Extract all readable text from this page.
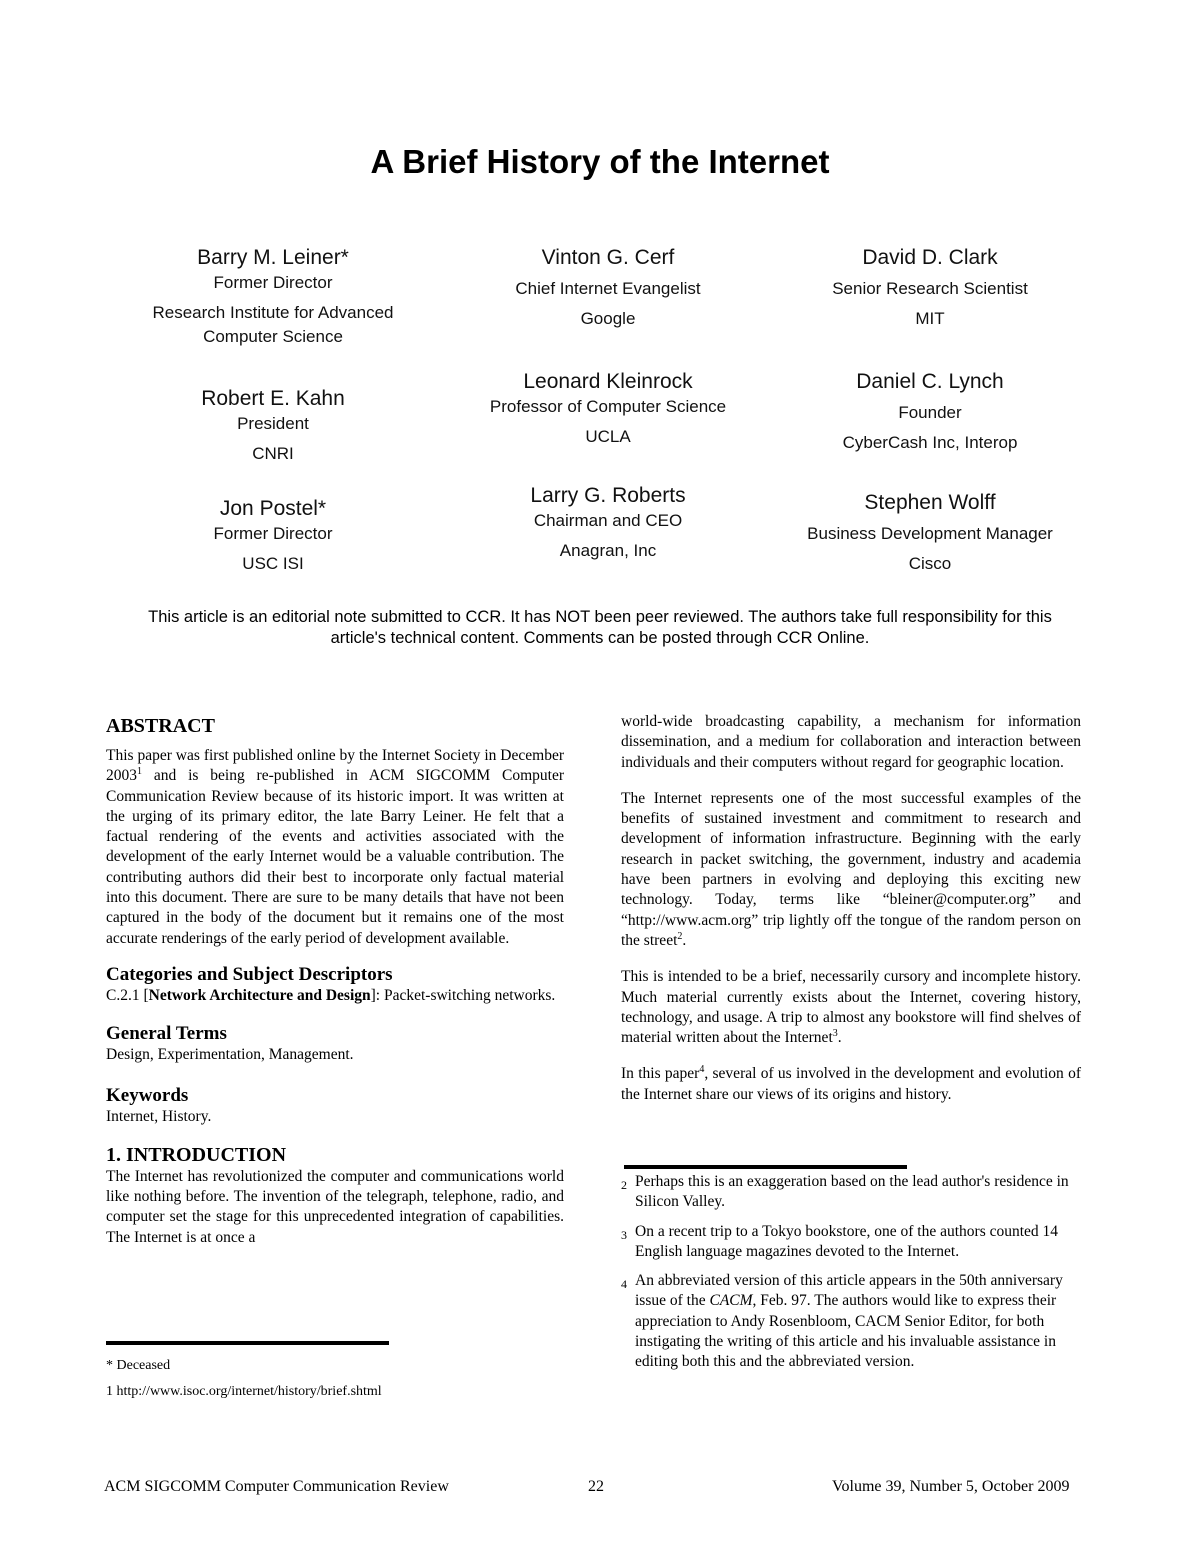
A Brief History of the Internet
Barry M. Leiner*
Former Director
Research Institute for Advanced
Computer Science
Vinton G. Cerf
Chief Internet Evangelist
Google
David D. Clark
Senior Research Scientist
MIT
Robert E. Kahn
President
CNRI
Leonard Kleinrock
Professor of Computer Science
UCLA
Daniel C. Lynch
Founder
CyberCash Inc, Interop
Jon Postel*
Former Director
USC ISI
Larry G. Roberts
Chairman and CEO
Anagran, Inc
Stephen Wolff
Business Development Manager
Cisco
This article is an editorial note submitted to CCR. It has NOT been peer reviewed. The authors take full responsibility for this
article's technical content. Comments can be posted through CCR Online.
ABSTRACT

This paper was first published online by the Internet Society in December 2003$^1$ and is being re-published in ACM SIGCOMM Computer Communication Review because of its historic import. It was written at the urging of its primary editor, the late Barry Leiner. He felt that a factual rendering of the events and activities associated with the development of the early Internet would be a valuable contribution. The contributing authors did their best to incorporate only factual material into this document. There are sure to be many details that have not been captured in the body of the document but it remains one of the most accurate renderings of the early period of development available.

Categories and Subject Descriptors

C.2.1 [Network Architecture and Design]: Packet-switching networks.

General Terms

Design, Experimentation, Management.

Keywords

Internet, History.

1. INTRODUCTION

The Internet has revolutionized the computer and communications world like nothing before. The invention of the telegraph, telephone, radio, and computer set the stage for this unprecedented integration of capabilities. The Internet is at once a

* Deceased
1 http://www.isoc.org/internet/history/brief.shtml

world-wide broadcasting capability, a mechanism for information dissemination, and a medium for collaboration and interaction between individuals and their computers without regard for geographic location.

The Internet represents one of the most successful examples of the benefits of sustained investment and commitment to research and development of information infrastructure. Beginning with the early research in packet switching, the government, industry and academia have been partners in evolving and deploying this exciting new technology. Today, terms like “bleiner@computer.org” and “http://www.acm.org” trip lightly off the tongue of the random person on the street$^2$.

This is intended to be a brief, necessarily cursory and incomplete history. Much material currently exists about the Internet, covering history, technology, and usage. A trip to almost any bookstore will find shelves of material written about the Internet$^3$.

In this paper$^4$, several of us involved in the development and evolution of the Internet share our views of its origins and history.

2 Perhaps this is an exaggeration based on the lead author's residence in Silicon Valley.
3 On a recent trip to a Tokyo bookstore, one of the authors counted 14 English language magazines devoted to the Internet.
4 An abbreviated version of this article appears in the 50th anniversary issue of the CACM, Feb. 97. The authors would like to express their appreciation to Andy Rosenbloom, CACM Senior Editor, for both instigating the writing of this article and his invaluable assistance in editing both this and the abbreviated version.
ACM SIGCOMM Computer Communication Review	22	Volume 39, Number 5, October 2009
